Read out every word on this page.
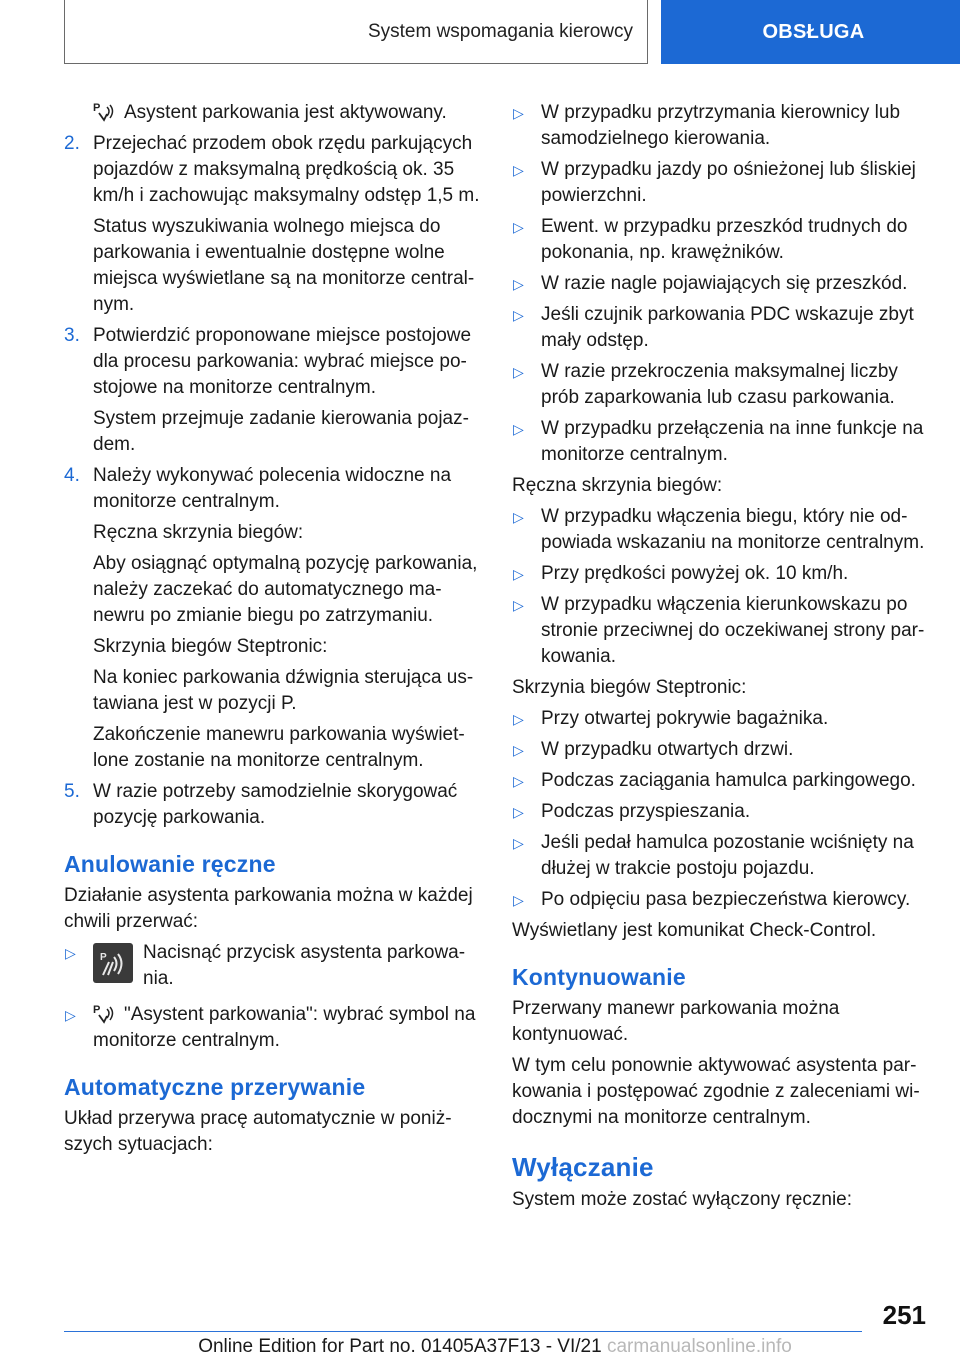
System wspomagania kierowcy	OBSŁUGA
P Asystent parkowania jest aktywowany.
2. Przejechać przodem obok rzędu parkujących pojazdów z maksymalną prędkością ok. 35 km/h i zachowując maksymalny odstęp 1,5 m.
Status wyszukiwania wolnego miejsca do parkowania i ewentualnie dostępne wolne miejsca wyświetlane są na monitorze centralnym.
3. Potwierdzić proponowane miejsce postojowe dla procesu parkowania: wybrać miejsce postojowe na monitorze centralnym.
System przejmuje zadanie kierowania pojazdem.
4. Należy wykonywać polecenia widoczne na monitorze centralnym.
Ręczna skrzynia biegów:
Aby osiągnąć optymalną pozycję parkowania, należy zaczekać do automatycznego manewru po zmianie biegu po zatrzymaniu.
Skrzynia biegów Steptronic:
Na koniec parkowania dźwignia sterująca ustawiana jest w pozycji P.
Zakończenie manewru parkowania wyświetlone zostanie na monitorze centralnym.
5. W razie potrzeby samodzielnie skorygować pozycję parkowania.
Anulowanie ręczne
Działanie asystenta parkowania można w każdej chwili przerwać:
▷ P Nacisnąć przycisk asystenta parkowania.
▷ P "Asystent parkowania": wybrać symbol na monitorze centralnym.
Automatyczne przerywanie
Układ przerywa pracę automatycznie w poniższych sytuacjach:
▷ W przypadku przytrzymania kierownicy lub samodzielnego kierowania.
▷ W przypadku jazdy po ośnieżonej lub śliskiej powierzchni.
▷ Ewent. w przypadku przeszkód trudnych do pokonania, np. krawężników.
▷ W razie nagle pojawiających się przeszkód.
▷ Jeśli czujnik parkowania PDC wskazuje zbyt mały odstęp.
▷ W razie przekroczenia maksymalnej liczby prób zaparkowania lub czasu parkowania.
▷ W przypadku przełączenia na inne funkcje na monitorze centralnym.
Ręczna skrzynia biegów:
▷ W przypadku włączenia biegu, który nie odpowiada wskazaniu na monitorze centralnym.
▷ Przy prędkości powyżej ok. 10 km/h.
▷ W przypadku włączenia kierunkowskazu po stronie przeciwnej do oczekiwanej strony parkowania.
Skrzynia biegów Steptronic:
▷ Przy otwartej pokrywie bagażnika.
▷ W przypadku otwartych drzwi.
▷ Podczas zaciągania hamulca parkingowego.
▷ Podczas przyspieszania.
▷ Jeśli pedał hamulca pozostanie wciśnięty na dłużej w trakcie postoju pojazdu.
▷ Po odpięciu pasa bezpieczeństwa kierowcy.
Wyświetlany jest komunikat Check-Control.
Kontynuowanie
Przerwany manewr parkowania można kontynuować.
W tym celu ponownie aktywować asystenta parkowania i postępować zgodnie z zaleceniami widocznymi na monitorze centralnym.
Wyłączanie
System może zostać wyłączony ręcznie:
251
Online Edition for Part no. 01405A37F13 - VI/21 carmanualsonline.info
